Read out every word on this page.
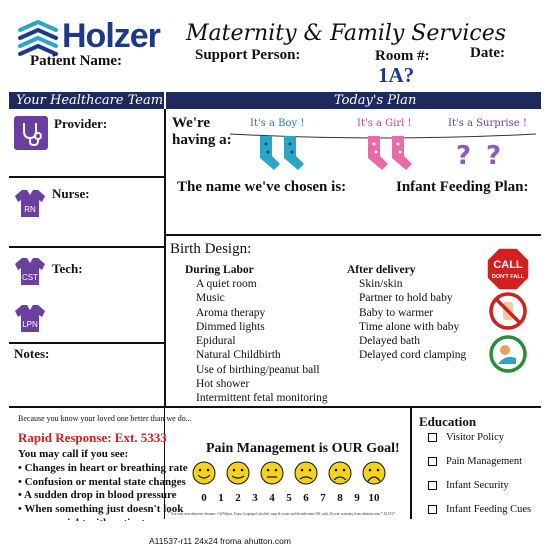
Holzer Maternity & Family Services
Patient Name:	Support Person:	Room #:
1A?
Date:
Your Healthcare Team	Today's Plan
Provider:
RN
Nurse:
CST
Tech:
LPN
Notes:
We're
having a:
? ?
It's a Boy !	It's a Girl !	It's a Surprise !
The name we've chosen is:	Infant Feeding Plan:
Birth Design:
During Labor
A quiet room
Music
Aroma therapy
Dimmed lights
Epidural
Natural Childbirth
Use of birthing/peanut ball
Hot shower
Intermittent fetal monitoring
After delivery
Skin/skin
Partner to hold baby
Baby to warmer
Time alone with baby
Delayed bath
Delayed cord clamping
CALL
DON'T FALL
Because you know your loved one better than we do...
Rapid Response: Ext. 5333
You may call if you see:
• Changes in heart or breathing rate
• Confusion or mental state changes
• A sudden drop in blood pressure
• When something just doesn't look
Pain Management is OUR Goal!
0	1	2	3	4	5	6	7	8	9 10
* Use only non-abrasive cleaners. Cif/Wipes, Expo, Isopropyl alcohol, soap & water and disinfectants OK with 20 year warranty from ahutton.com * A11537
Education
Visitor Policy
Pain Management
Infant Security
Infant Feeding Cues
A11537-r11 24x24 froma ahutton.com
